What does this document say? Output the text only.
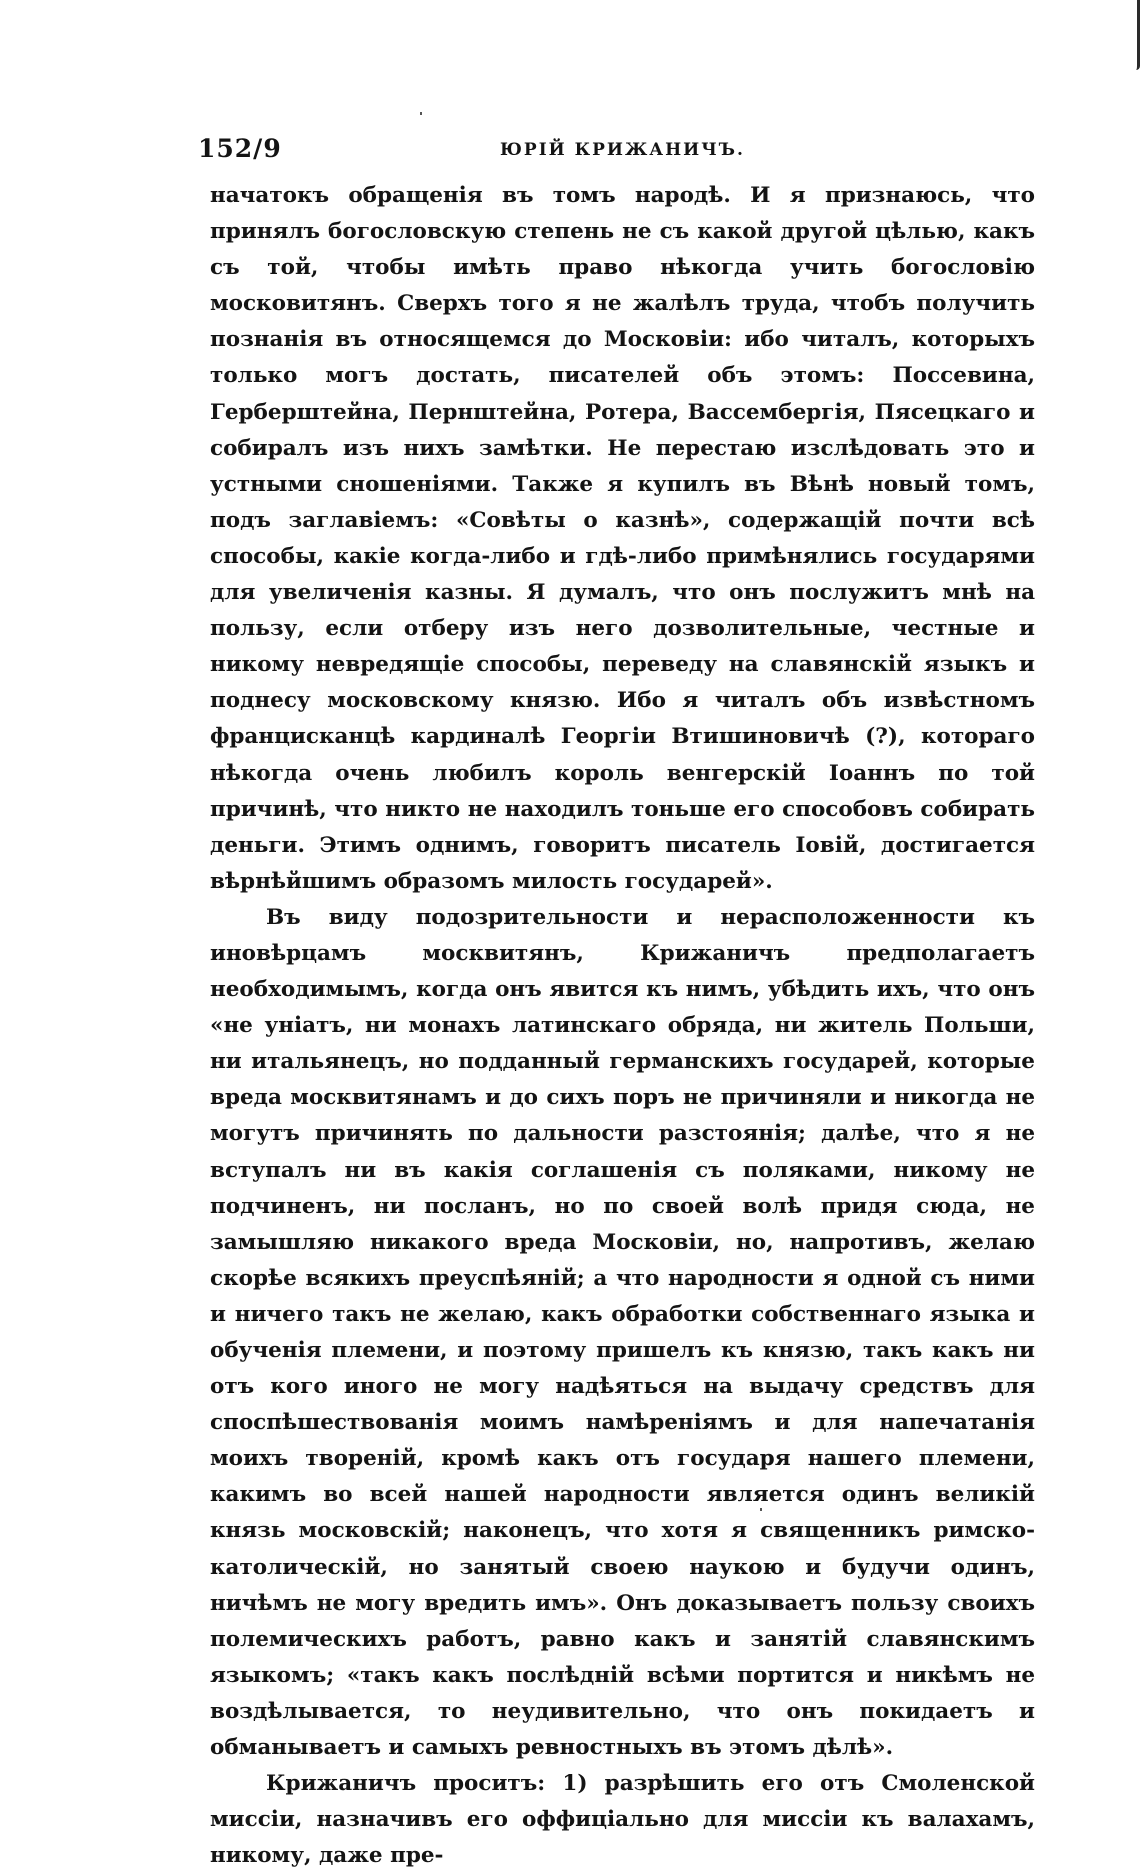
152/9	ЮРІЙ КРИЖАНИЧЪ.

начатокъ обращенія въ томъ народѣ. И я признаюсь, что принялъ богословскую степень не съ какой другой цѣлью, какъ съ той, чтобы имѣть право нѣкогда учить богословію московитянъ. Сверхъ того я не жалѣлъ труда, чтобъ получить познанія въ относящемся до Московіи: ибо читалъ, которыхъ только могъ достать, писателей объ этомъ: Поссевина, Герберштейна, Пернштейна, Ротера, Вассембергія, Пясецкаго и собиралъ изъ нихъ замѣтки. Не перестаю изслѣдовать это и устными сношеніями. Также я купилъ въ Вѣнѣ новый томъ, подъ заглавіемъ: «Совѣты о казнѣ», содержащій почти всѣ способы, какіе когда-либо и гдѣ-либо примѣнялись государями для увеличенія казны. Я думалъ, что онъ послужитъ мнѣ на пользу, если отберу изъ него дозволительные, честные и никому невредящіе способы, переведу на славянскій языкъ и поднесу московскому князю. Ибо я читалъ объ извѣстномъ францисканцѣ кардиналѣ Георгіи Втишиновичѣ (?), котораго нѣкогда очень любилъ король венгерскій Іоаннъ по той причинѣ, что никто не находилъ тоньше его способовъ собирать деньги. Этимъ однимъ, говоритъ писатель Іовій, достигается вѣрнѣйшимъ образомъ милость государей».

Въ виду подозрительности и нерасположенности къ иновѣрцамъ москвитянъ, Крижаничъ предполагаетъ необходимымъ, когда онъ явится къ нимъ, убѣдить ихъ, что онъ «не уніатъ, ни монахъ латинскаго обряда, ни житель Польши, ни итальянецъ, но подданный германскихъ государей, которые вреда москвитянамъ и до сихъ поръ не причиняли и никогда не могутъ причинять по дальности разстоянія; далѣе, что я не вступалъ ни въ какія соглашенія съ поляками, никому не подчиненъ, ни посланъ, но по своей волѣ придя сюда, не замышляю никакого вреда Московіи, но, напротивъ, желаю скорѣе всякихъ преуспѣяній; а что народности я одной съ ними и ничего такъ не желаю, какъ обработки собственнаго языка и обученія племени, и поэтому пришелъ къ князю, такъ какъ ни отъ кого иного не могу надѣяться на выдачу средствъ для споспѣшествованія моимъ намѣреніямъ и для напечатанія моихъ твореній, кромѣ какъ отъ государя нашего племени, какимъ во всей нашей народности является одинъ великій князь московскій; наконецъ, что хотя я священникъ римско-католическій, но занятый своею наукою и будучи одинъ, ничѣмъ не могу вредить имъ». Онъ доказываетъ пользу своихъ полемическихъ работъ, равно какъ и занятій славянскимъ языкомъ; «такъ какъ послѣдній всѣми портится и никѣмъ не воздѣлывается, то неудивительно, что онъ покидаетъ и обманываетъ и самыхъ ревностныхъ въ этомъ дѣлѣ».

Крижаничъ проситъ: 1) разрѣшить его отъ Смоленской миссіи, назначивъ его оффиціально для миссіи къ валахамъ, никому, даже пре-
